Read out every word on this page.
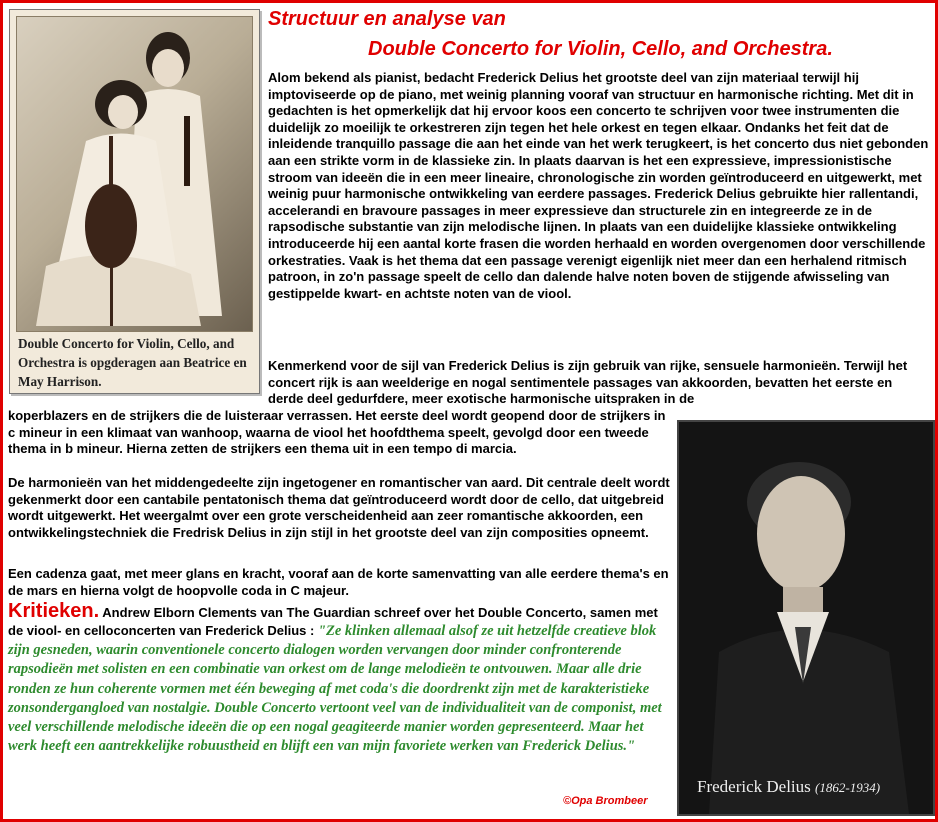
Structuur en analyse van
Double Concerto for Violin, Cello, and Orchestra.
Double Concerto for Violin, Cello, and Orchestra is opgderagen aan Beatrice en May Harrison.
Alom bekend als pianist, bedacht Frederick Delius het grootste deel van zijn materiaal terwijl hij imptoviseerde op de piano, met weinig planning vooraf van structuur en harmonische richting. Met dit in gedachten is het opmerkelijk dat hij ervoor koos een concerto te schrijven voor twee instrumenten die duidelijk zo moeilijk te orkestreren zijn tegen het hele orkest en tegen elkaar. Ondanks het feit dat de inleidende tranquillo passage die aan het einde van het werk terugkeert, is het concerto dus niet gebonden aan een strikte vorm in de klassieke zin. In plaats daarvan is het een expressieve, impressionistische stroom van ideeën die in een meer lineaire, chronologische zin worden geïntroduceerd en uitgewerkt, met weinig puur harmonische ontwikkeling van eerdere passages. Frederick Delius gebruikte hier rallentandi, accelerandi en bravoure passages in meer expressieve dan structurele zin en integreerde ze in de rapsodische substantie van zijn melodische lijnen. In plaats van een duidelijke klassieke ontwikkeling introduceerde hij een aantal korte frasen die worden herhaald en worden overgenomen door verschillende orkestraties. Vaak is het thema dat een passage verenigt eigenlijk niet meer dan een herhalend ritmisch patroon, in zo'n passage speelt de cello dan dalende halve noten boven de stijgende afwisseling van gestippelde kwart- en achtste noten van de viool.
Kenmerkend voor de sijl van Frederick Delius is zijn gebruik van rijke, sensuele harmonieën. Terwijl het concert rijk is aan weelderige en nogal sentimentele passages van akkoorden, bevatten het eerste en derde deel gedurfdere, meer exotische harmonische uitspraken in de
koperblazers en de strijkers die de luisteraar verrassen. Het eerste deel wordt geopend door de strijkers in c mineur in een klimaat van wanhoop, waarna de viool het hoofdthema speelt, gevolgd door een tweede thema in b mineur. Hierna zetten de strijkers een thema uit in een tempo di marcia.
De harmonieën van het middengedeelte zijn ingetogener en romantischer van aard. Dit centrale deelt wordt gekenmerkt door een cantabile pentatonisch thema dat geïntroduceerd wordt door de cello, dat uitgebreid wordt uitgewerkt. Het weergalmt over een grote verscheidenheid aan zeer romantische akkoorden, een ontwikkelingstechniek die Fredrisk Delius in zijn stijl in het grootste deel van zijn composities opneemt.
Een cadenza gaat, met meer glans en kracht, vooraf aan de korte samenvatting van alle eerdere thema's en de mars en hierna volgt de hoopvolle coda in C majeur.

Kritieken. Andrew Elborn Clements van The Guardian schreef over het Double Concerto, samen met de viool- en celloconcerten van Frederick Delius : "Ze klinken allemaal alsof ze uit hetzelfde creatieve blok zijn gesneden, waarin conventionele concerto dialogen worden vervangen door minder confronterende rapsodieën met solisten en een combinatie van orkest om de lange melodieën te ontvouwen. Maar alle drie ronden ze hun coherente vormen met één beweging af met coda's die doordrenkt zijn met de karakteristieke zonsondergangloed van nostalgie. Double Concerto vertoont veel van de individualiteit van de componist, met veel verschillende melodische ideeën die op een nogal geagiteerde manier worden gepresenteerd. Maar het werk heeft een aantrekkelijke robuustheid en blijft een van mijn favoriete werken van Frederick Delius."

Frederick Delius (1862-1934)
©Opa Brombeer
